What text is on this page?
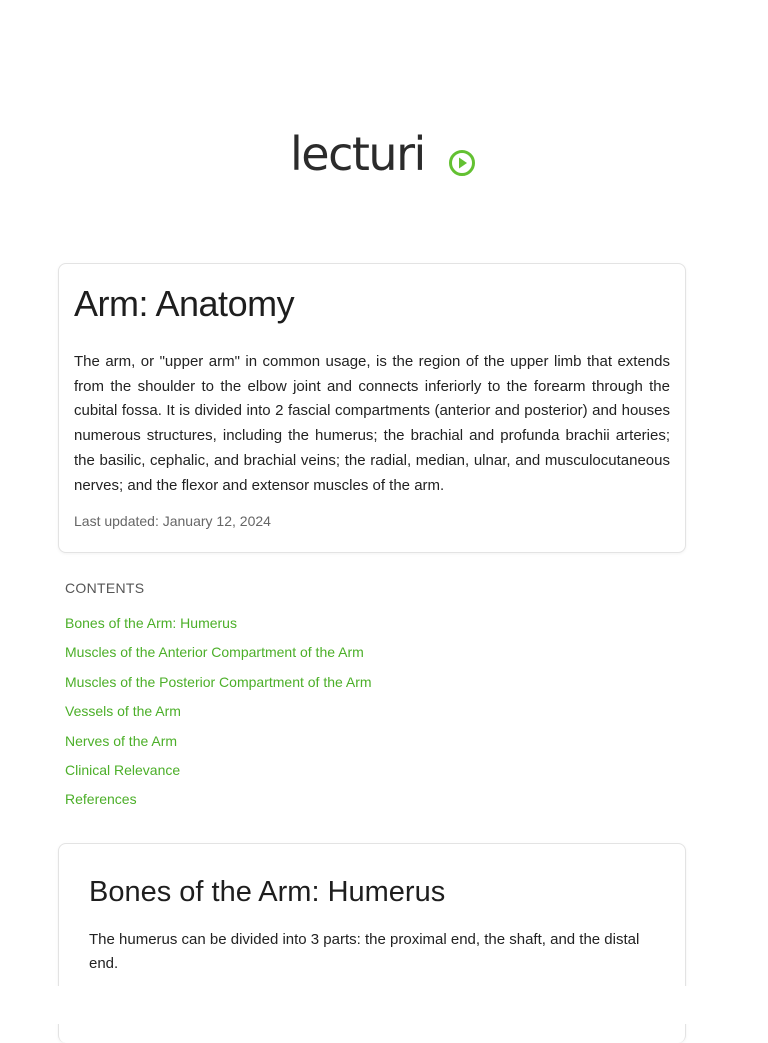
lecturi
Arm: Anatomy

The arm, or "upper arm" in common usage, is the region of the upper limb that extends from the shoulder to the elbow joint and connects inferiorly to the forearm through the cubital fossa. It is divided into 2 fascial compartments (anterior and posterior) and houses numerous structures, including the humerus; the brachial and profunda brachii arteries; the basilic, cephalic, and brachial veins; the radial, median, ulnar, and musculocutaneous nerves; and the flexor and extensor muscles of the arm.

Last updated: January 12, 2024
CONTENTS
Bones of the Arm: Humerus
Muscles of the Anterior Compartment of the Arm
Muscles of the Posterior Compartment of the Arm
Vessels of the Arm
Nerves of the Arm
Clinical Relevance
References
Bones of the Arm: Humerus

The humerus can be divided into 3 parts: the proximal end, the shaft, and the distal end.
